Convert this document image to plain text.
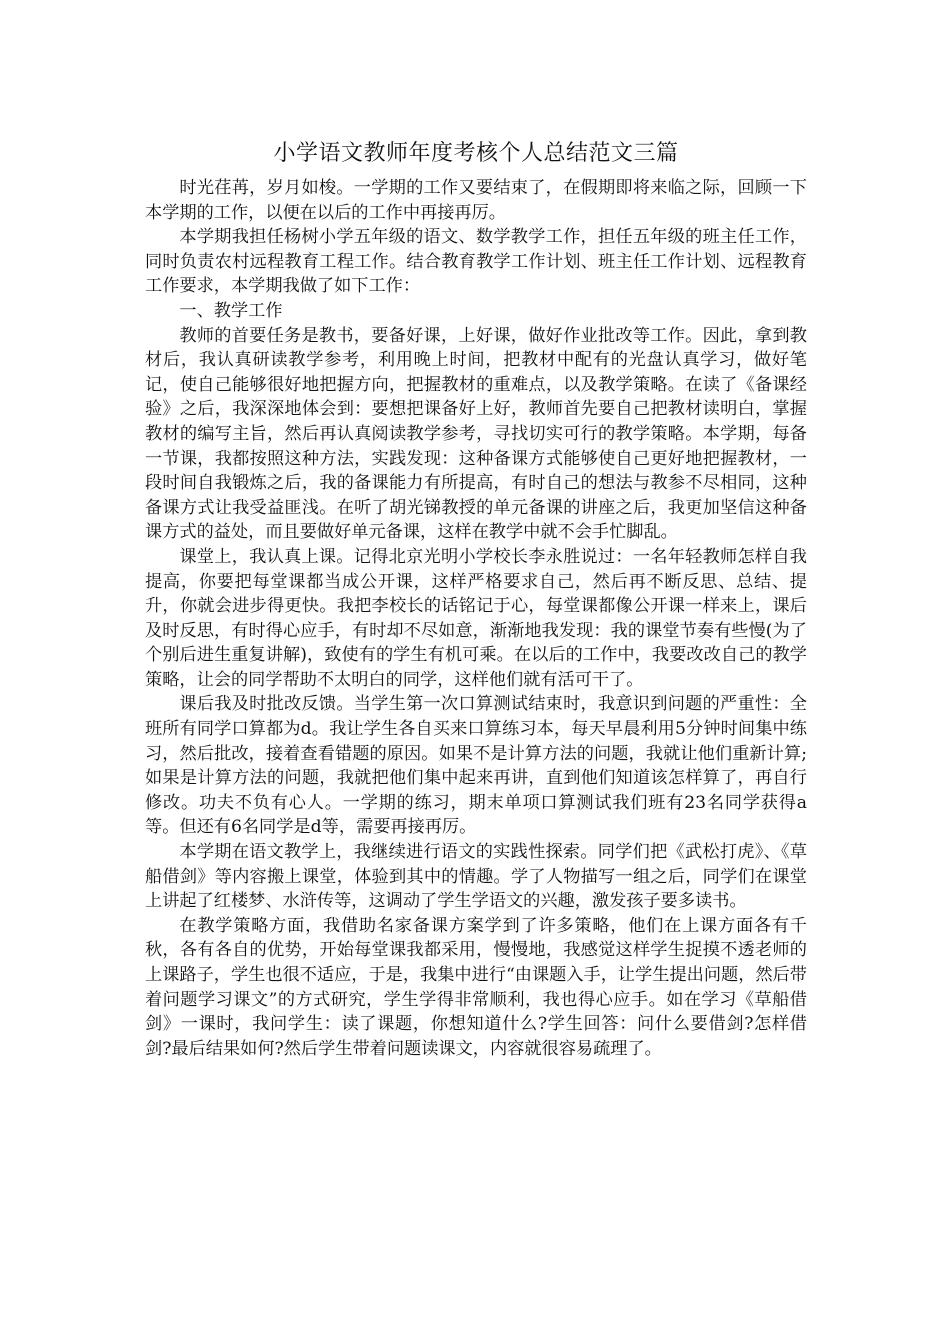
小学语文教师年度考核个人总结范文三篇

时光荏苒，岁月如梭。一学期的工作又要结束了，在假期即将来临之际，回顾一下本学期的工作，以便在以后的工作中再接再厉。

本学期我担任杨树小学五年级的语文、数学教学工作，担任五年级的班主任工作，同时负责农村远程教育工程工作。结合教育教学工作计划、班主任工作计划、远程教育工作要求，本学期我做了如下工作：

一、教学工作

教师的首要任务是教书，要备好课，上好课，做好作业批改等工作。因此，拿到教材后，我认真研读教学参考，利用晚上时间，把教材中配有的光盘认真学习，做好笔记，使自己能够很好地把握方向，把握教材的重难点，以及教学策略。在读了《备课经验》之后，我深深地体会到：要想把课备好上好，教师首先要自己把教材读明白，掌握教材的编写主旨，然后再认真阅读教学参考，寻找切实可行的教学策略。本学期，每备一节课，我都按照这种方法，实践发现：这种备课方式能够使自己更好地把握教材，一段时间自我锻炼之后，我的备课能力有所提高，有时自己的想法与教参不尽相同，这种备课方式让我受益匪浅。在听了胡光锑教授的单元备课的讲座之后，我更加坚信这种备课方式的益处，而且要做好单元备课，这样在教学中就不会手忙脚乱。

课堂上，我认真上课。记得北京光明小学校长李永胜说过：一名年轻教师怎样自我提高，你要把每堂课都当成公开课，这样严格要求自己，然后再不断反思、总结、提升，你就会进步得更快。我把李校长的话铭记于心，每堂课都像公开课一样来上，课后及时反思，有时得心应手，有时却不尽如意，渐渐地我发现：我的课堂节奏有些慢(为了个别后进生重复讲解)，致使有的学生有机可乘。在以后的工作中，我要改改自己的教学策略，让会的同学帮助不太明白的同学，这样他们就有活可干了。

课后我及时批改反馈。当学生第一次口算测试结束时，我意识到问题的严重性：全班所有同学口算都为d。我让学生各自买来口算练习本，每天早晨利用5分钟时间集中练习，然后批改，接着查看错题的原因。如果不是计算方法的问题，我就让他们重新计算;如果是计算方法的问题，我就把他们集中起来再讲，直到他们知道该怎样算了，再自行修改。功夫不负有心人。一学期的练习，期末单项口算测试我们班有23名同学获得a等。但还有6名同学是d等，需要再接再厉。

本学期在语文教学上，我继续进行语文的实践性探索。同学们把《武松打虎》、《草船借剑》等内容搬上课堂，体验到其中的情趣。学了人物描写一组之后，同学们在课堂上讲起了红楼梦、水浒传等，这调动了学生学语文的兴趣，激发孩子要多读书。

在教学策略方面，我借助名家备课方案学到了许多策略，他们在上课方面各有千秋，各有各自的优势，开始每堂课我都采用，慢慢地，我感觉这样学生捉摸不透老师的上课路子，学生也很不适应，于是，我集中进行“由课题入手，让学生提出问题，然后带着问题学习课文”的方式研究，学生学得非常顺利，我也得心应手。如在学习《草船借剑》一课时，我问学生：读了课题，你想知道什么?学生回答：问什么要借剑?怎样借剑?最后结果如何?然后学生带着问题读课文，内容就很容易疏理了。
